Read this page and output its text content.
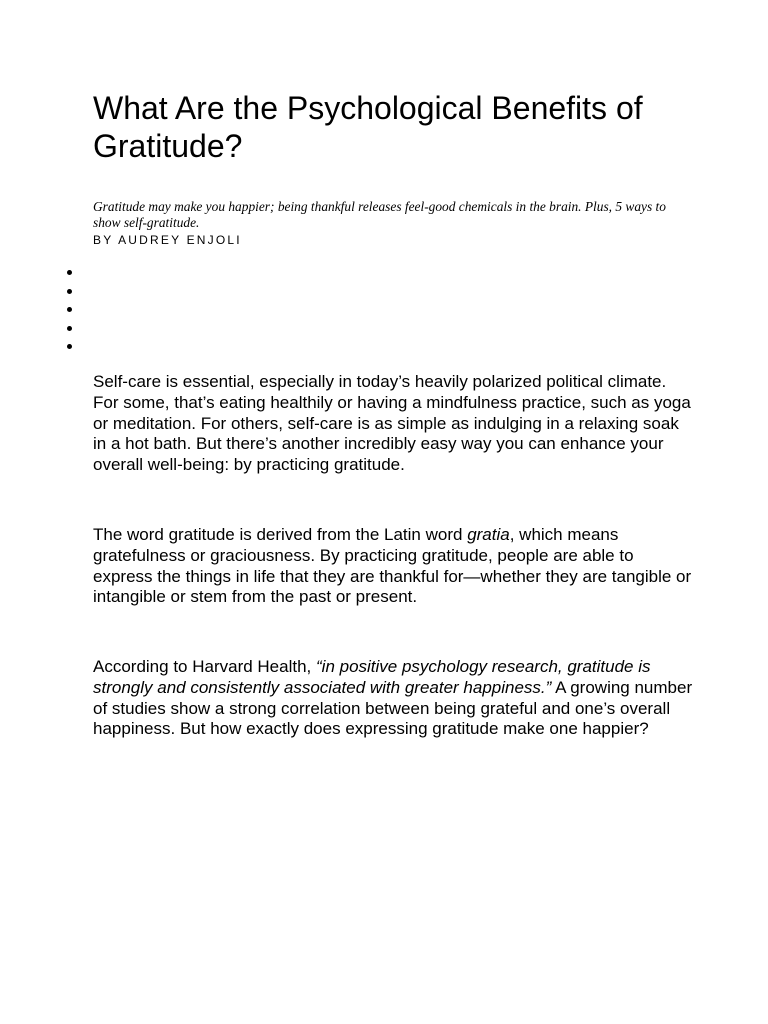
What Are the Psychological Benefits of Gratitude?

Gratitude may make you happier; being thankful releases feel-good chemicals in the brain. Plus, 5 ways to show self-gratitude.

BY AUDREY ENJOLI

Self-care is essential, especially in today’s heavily polarized political climate. For some, that’s eating healthily or having a mindfulness practice, such as yoga or meditation. For others, self-care is as simple as indulging in a relaxing soak in a hot bath. But there’s another incredibly easy way you can enhance your overall well-being: by practicing gratitude.

The word gratitude is derived from the Latin word gratia, which means gratefulness or graciousness. By practicing gratitude, people are able to express the things in life that they are thankful for—whether they are tangible or intangible or stem from the past or present.

According to Harvard Health, “in positive psychology research, gratitude is strongly and consistently associated with greater happiness.” A growing number of studies show a strong correlation between being grateful and one’s overall happiness. But how exactly does expressing gratitude make one happier?
